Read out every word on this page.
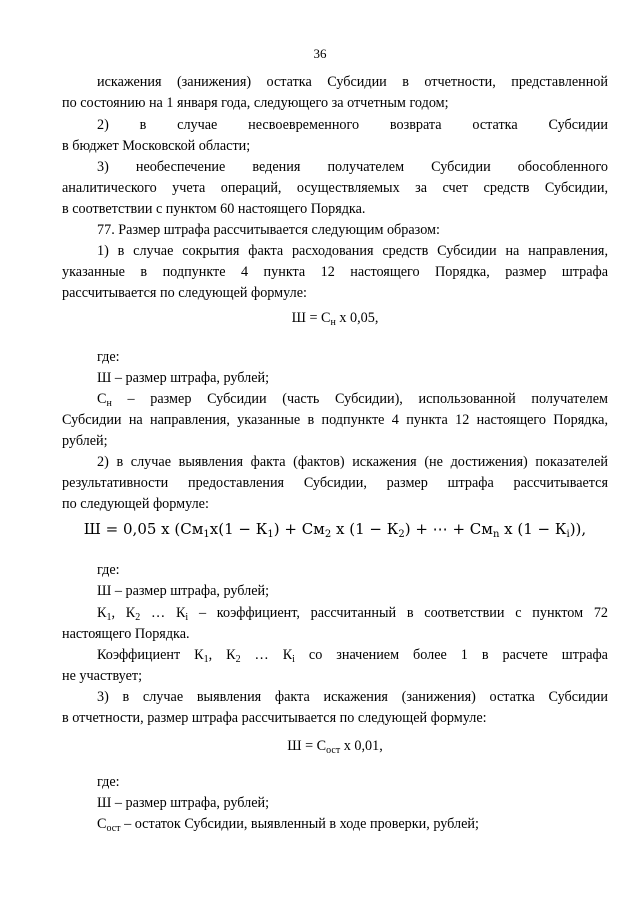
36
искажения (занижения) остатка Субсидии в отчетности, представленной
по состоянию на 1 января года, следующего за отчетным годом;
2) в случае несвоевременного возврата остатка Субсидии
в бюджет Московской области;
3) необеспечение ведения получателем Субсидии обособленного
аналитического учета операций, осуществляемых за счет средств Субсидии,
в соответствии с пунктом 60 настоящего Порядка.
77. Размер штрафа рассчитывается следующим образом:
1) в случае сокрытия факта расходования средств Субсидии на направления,
указанные в подпункте 4 пункта 12 настоящего Порядка, размер штрафа
рассчитывается по следующей формуле:
$Ш = С_н$ х 0,05,
где:
Ш – размер штрафа, рублей;
$С_н$ – размер Субсидии (часть Субсидии), использованной получателем
Субсидии на направления, указанные в подпункте 4 пункта 12 настоящего Порядка,
рублей;
2) в случае выявления факта (фактов) искажения (не достижения) показателей
результативности предоставления Субсидии, размер штрафа рассчитывается
по следующей формуле:
Ш = 0,05 х ($См_1х(1 - К_1) + См_2$ х $(1 - К_2)$ + ⋯ + $См_n$ х $(1 - К_i)$),
где:
Ш – размер штрафа, рублей;
$К_1$, $К_2$ … $К_i$ – коэффициент, рассчитанный в соответствии с пунктом 72
настоящего Порядка.
Коэффициент $К_1$, $К_2$ … $К_i$ со значением более 1 в расчете штрафа
не участвует;
3) в случае выявления факта искажения (занижения) остатка Субсидии
в отчетности, размер штрафа рассчитывается по следующей формуле:
$Ш = С_{ост}$ х 0,01,
где:
Ш – размер штрафа, рублей;
$С_{ост}$ – остаток Субсидии, выявленный в ходе проверки, рублей;
